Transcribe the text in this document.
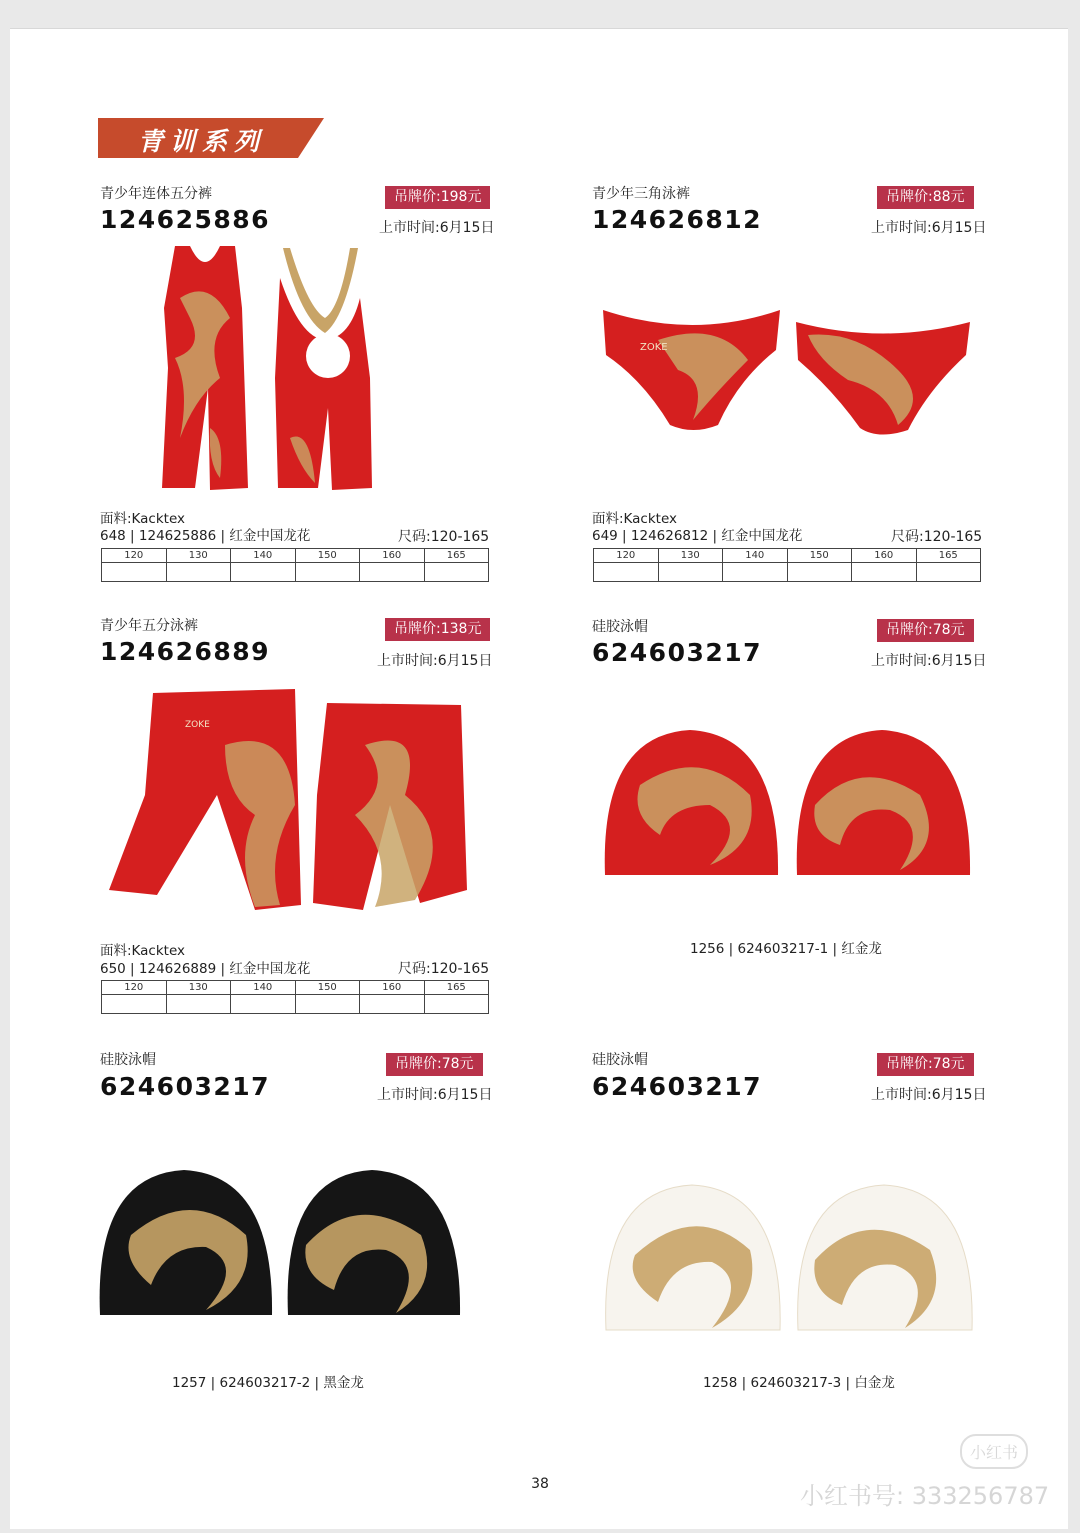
青训系列
青少年连体五分裤
124625886
吊牌价:198元
上市时间:6月15日
面料:Kacktex
648 | 124625886 | 红金中国龙花	尺码:120-165
120	130	140	150	160	165

青少年三角泳裤
124626812
吊牌价:88元
上市时间:6月15日
ZOKE
面料:Kacktex
649 | 124626812 | 红金中国龙花	尺码:120-165
120	130	140	150	160	165

青少年五分泳裤
124626889
吊牌价:138元
上市时间:6月15日
ZOKE
面料:Kacktex
650 | 124626889 | 红金中国龙花	尺码:120-165
120	130	140	150	160	165

硅胶泳帽
624603217
吊牌价:78元
上市时间:6月15日
1256 | 624603217-1 | 红金龙
硅胶泳帽
624603217
吊牌价:78元
上市时间:6月15日
1257 | 624603217-2 | 黑金龙
硅胶泳帽
624603217
吊牌价:78元
上市时间:6月15日
1258 | 624603217-3 | 白金龙
38
小红书
小红书号: 333256787
